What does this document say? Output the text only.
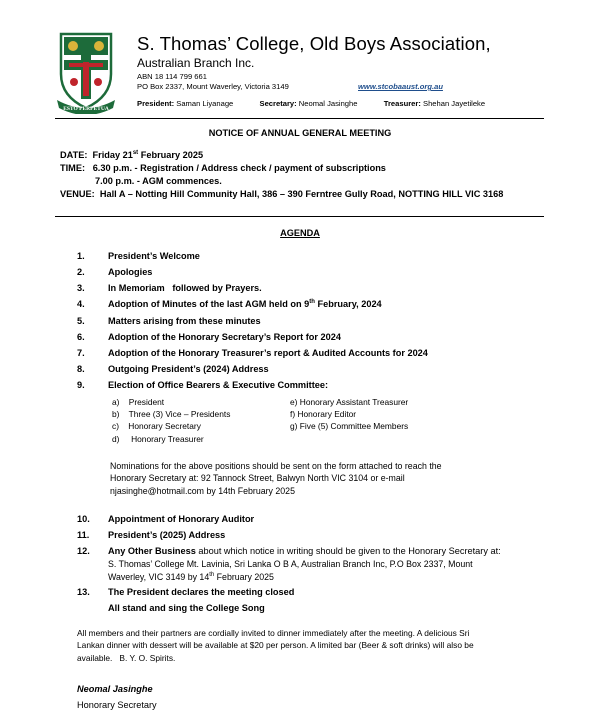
ESTO PERPETUA
S. Thomas’ College, Old Boys Association,
Australian Branch Inc.
ABN 18 114 799 661
PO Box 2337, Mount Waverley, Victoria 3149	www.stcobaaust.org.au
President: Saman Liyanage	Secretary: Neomal Jasinghe	Treasurer: Shehan Jayetileke
NOTICE OF ANNUAL GENERAL MEETING
DATE: Friday 21st February 2025
TIME: 6.30 p.m. - Registration / Address check / payment of subscriptions
7.00 p.m. - AGM commences.
VENUE: Hall A – Notting Hill Community Hall, 386 – 390 Ferntree Gully Road, NOTTING HILL VIC 3168
AGENDA
1.	President’s Welcome
2.	Apologies
3.	In Memoriam   followed by Prayers.
4.	Adoption of Minutes of the last AGM held on 9th February, 2024
5.	Matters arising from these minutes
6.	Adoption of the Honorary Secretary’s Report for 2024
7.	Adoption of the Honorary Treasurer’s report & Audited Accounts for 2024
8.	Outgoing President’s (2024) Address
9.	Election of Office Bearers & Executive Committee:
a)    President
b)    Three (3) Vice – Presidents
c)    Honorary Secretary
d)     Honorary Treasurer
e) Honorary Assistant Treasurer
f) Honorary Editor
g) Five (5) Committee Members
Nominations for the above positions should be sent on the form attached to reach the
Honorary Secretary at: 92 Tannock Street, Balwyn North VIC 3104 or e-mail
njasinghe@hotmail.com by 14th February 2025
10. Appointment of Honorary Auditor
11. President’s (2025) Address
12. Any Other Business about which notice in writing should be given to the Honorary Secretary at:
S. Thomas’ College Mt. Lavinia, Sri Lanka O B A, Australian Branch Inc, P.O Box 2337, Mount
Waverley, VIC 3149 by 14th February 2025
13. The President declares the meeting closed
All stand and sing the College Song
All members and their partners are cordially invited to dinner immediately after the meeting. A delicious Sri
Lankan dinner with dessert will be available at $20 per person. A limited bar (Beer & soft drinks) will also be
available.   B. Y. O. Spirits.
Neomal Jasinghe
Honorary Secretary
